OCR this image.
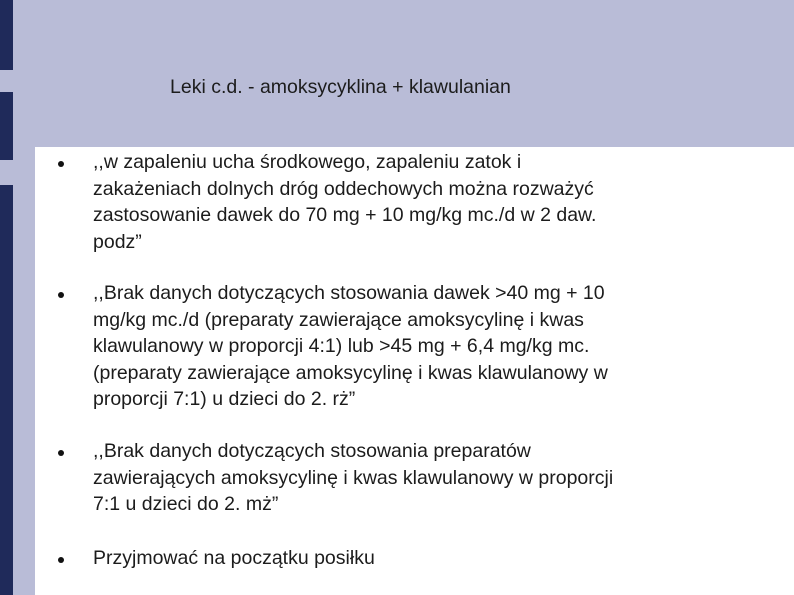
Leki c.d. - amoksycyklina + klawulanian
,,w zapaleniu ucha środkowego, zapaleniu zatok i
zakażeniach dolnych dróg oddechowych można rozważyć
zastosowanie dawek do 70 mg + 10 mg/kg mc./d w 2 daw.
podz”
,,Brak danych dotyczących stosowania dawek >40 mg + 10
mg/kg mc./d (preparaty zawierające amoksycylinę i kwas
klawulanowy w proporcji 4:1) lub >45 mg + 6,4 mg/kg mc.
(preparaty zawierające amoksycylinę i kwas klawulanowy w
proporcji 7:1) u dzieci do 2. rż”
,,Brak danych dotyczących stosowania preparatów
zawierających amoksycylinę i kwas klawulanowy w proporcji
7:1 u dzieci do 2. mż”
Przyjmować na początku posiłku
